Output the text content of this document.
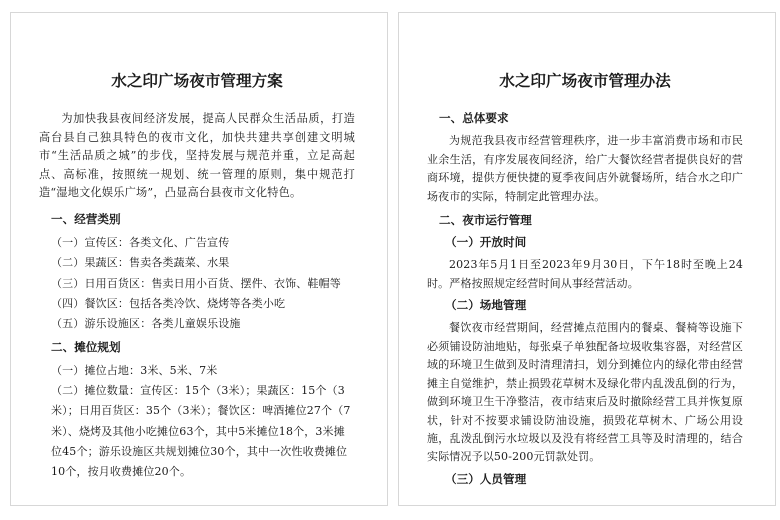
水之印广场夜市管理方案

为加快我县夜间经济发展，提高人民群众生活品质，打造高台县自己独具特色的夜市文化，加快共建共享创建文明城市“生活品质之城”的步伐，坚持发展与规范并重，立足高起点、高标准，按照统一规划、统一管理的原则，集中规范打造“湿地文化娱乐广场”，凸显高台县夜市文化特色。

一、经营类别

（一）宣传区：各类文化、广告宣传

（二）果蔬区：售卖各类蔬菜、水果

（三）日用百货区：售卖日用小百货、摆件、衣饰、鞋帽等

（四）餐饮区：包括各类冷饮、烧烤等各类小吃

（五）游乐设施区：各类儿童娱乐设施

二、摊位规划

（一）摊位占地：3米、5米、7米

（二）摊位数量：宣传区：15个（3米）；果蔬区：15个（3米）；日用百货区：35个（3米）；餐饮区：啤酒摊位27个（7米）、烧烤及其他小吃摊位63个，其中5米摊位18个，3米摊位45个；游乐设施区共规划摊位30个，其中一次性收费摊位10个，按月收费摊位20个。

水之印广场夜市管理办法
一、总体要求

为规范我县夜市经营管理秩序，进一步丰富消费市场和市民业余生活，有序发展夜间经济，给广大餐饮经营者提供良好的营商环境，提供方便快捷的夏季夜间店外就餐场所，结合水之印广场夜市的实际，特制定此管理办法。

二、夜市运行管理
（一）开放时间

2023年5月1日至2023年9月30日，下午18时至晚上24时。严格按照规定经营时间从事经营活动。

（二）场地管理

餐饮夜市经营期间，经营摊点范围内的餐桌、餐椅等设施下必须铺设防油地贴，每张桌子单独配备垃圾收集容器，对经营区域的环境卫生做到及时清理清扫，划分到摊位内的绿化带由经营摊主自觉维护，禁止损毁花草树木及绿化带内乱泼乱倒的行为，做到环境卫生干净整洁，夜市结束后及时撤除经营工具并恢复原状，针对不按要求铺设防油设施，损毁花草树木、广场公用设施，乱泼乱倒污水垃圾以及没有将经营工具等及时清理的，结合实际情况予以50-200元罚款处罚。

（三）人员管理
